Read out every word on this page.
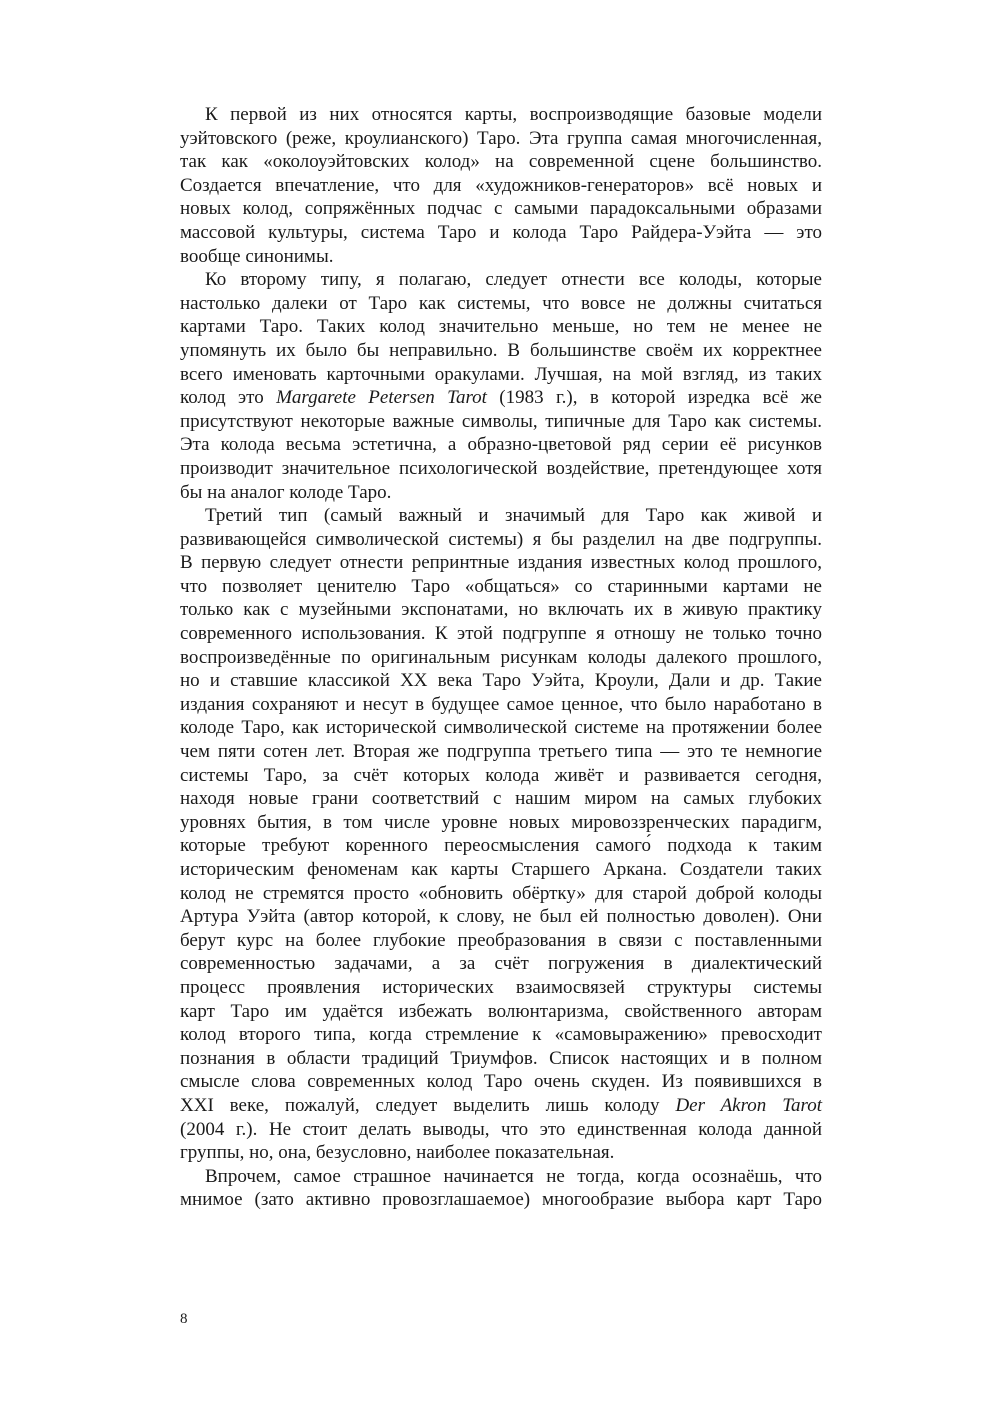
К первой из них относятся карты, воспроизводящие базовые модели
уэйтовского (реже, кроулианского) Таро. Эта группа самая многочисленная,
так как «околоуэйтовских колод» на современной сцене большинство.
Создается впечатление, что для «художников-генераторов» всё новых и
новых колод, сопряжённых подчас с самыми парадоксальными образами
массовой культуры, система Таро и колода Таро Райдера-Уэйта — это
вообще синонимы.
Ко второму типу, я полагаю, следует отнести все колоды, которые
настолько далеки от Таро как системы, что вовсе не должны считаться
картами Таро. Таких колод значительно меньше, но тем не менее не
упомянуть их было бы неправильно. В большинстве своём их корректнее
всего именовать карточными оракулами. Лучшая, на мой взгляд, из таких
колод это Margarete Petersen Tarot (1983 г.), в которой изредка всё же
присутствуют некоторые важные символы, типичные для Таро как системы.
Эта колода весьма эстетична, а образно-цветовой ряд серии её рисунков
производит значительное психологической воздействие, претендующее хотя
бы на аналог колоде Таро.
Третий тип (самый важный и значимый для Таро как живой и
развивающейся символической системы) я бы разделил на две подгруппы.
В первую следует отнести репринтные издания известных колод прошлого,
что позволяет ценителю Таро «общаться» со старинными картами не
только как с музейными экспонатами, но включать их в живую практику
современного использования. К этой подгруппе я отношу не только точно
воспроизведённые по оригинальным рисункам колоды далекого прошлого,
но и ставшие классикой XX века Таро Уэйта, Кроули, Дали и др. Такие
издания сохраняют и несут в будущее самое ценное, что было наработано в
колоде Таро, как исторической символической системе на протяжении более
чем пяти сотен лет. Вторая же подгруппа третьего типа — это те немногие
системы Таро, за счёт которых колода живёт и развивается сегодня,
находя новые грани соответствий с нашим миром на самых глубоких
уровнях бытия, в том числе уровне новых мировоззренческих парадигм,
которые требуют коренного переосмысления самого́ подхода к таким
историческим феноменам как карты Старшего Аркана. Создатели таких
колод не стремятся просто «обновить обёртку» для старой доброй колоды
Артура Уэйта (автор которой, к слову, не был ей полностью доволен). Они
берут курс на более глубокие преобразования в связи с поставленными
современностью задачами, а за счёт погружения в диалектический
процесс проявления исторических взаимосвязей структуры системы
карт Таро им удаётся избежать волюнтаризма, свойственного авторам
колод второго типа, когда стремление к «самовыражению» превосходит
познания в области традиций Триумфов. Список настоящих и в полном
смысле слова современных колод Таро очень скуден. Из появившихся в
XXI веке, пожалуй, следует выделить лишь колоду Der Akron Tarot
(2004 г.). Не стоит делать выводы, что это единственная колода данной
группы, но, она, безусловно, наиболее показательная.
Впрочем, самое страшное начинается не тогда, когда осознаёшь, что
мнимое (зато активно провозглашаемое) многообразие выбора карт Таро
8
